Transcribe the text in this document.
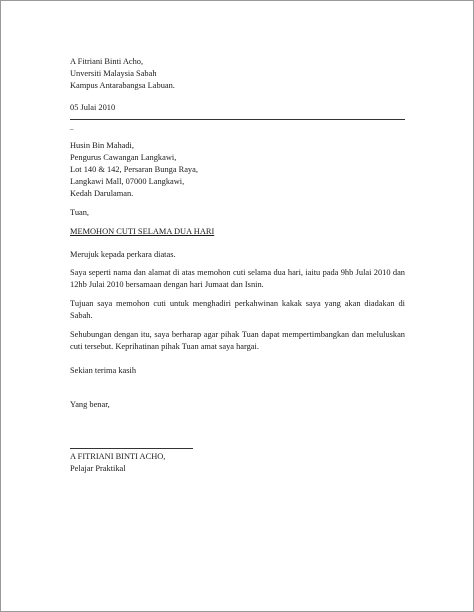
A Fitriani Binti Acho,
Unversiti Malaysia Sabah
Kampus Antarabangsa Labuan.
05 Julai 2010
_
Husin Bin Mahadi,
Pengurus Cawangan Langkawi,
Lot 140 & 142, Persaran Bunga Raya,
Langkawi Mall, 07000 Langkawi,
Kedah Darulaman.
Tuan,
MEMOHON CUTI SELAMA DUA HARI
Merujuk kepada perkara diatas.
Saya seperti nama dan alamat di atas memohon cuti selama dua hari, iaitu pada 9hb Julai 2010 dan 12hb Julai 2010 bersamaan dengan hari Jumaat dan Isnin.
Tujuan saya memohon cuti untuk menghadiri perkahwinan kakak saya yang akan diadakan di Sabah.
Sehubungan dengan itu, saya berharap agar pihak Tuan dapat mempertimbangkan dan meluluskan cuti tersebut. Keprihatinan pihak Tuan amat saya hargai.
Sekian terima kasih
Yang benar,
A FITRIANI BINTI ACHO,
Pelajar Praktikal
